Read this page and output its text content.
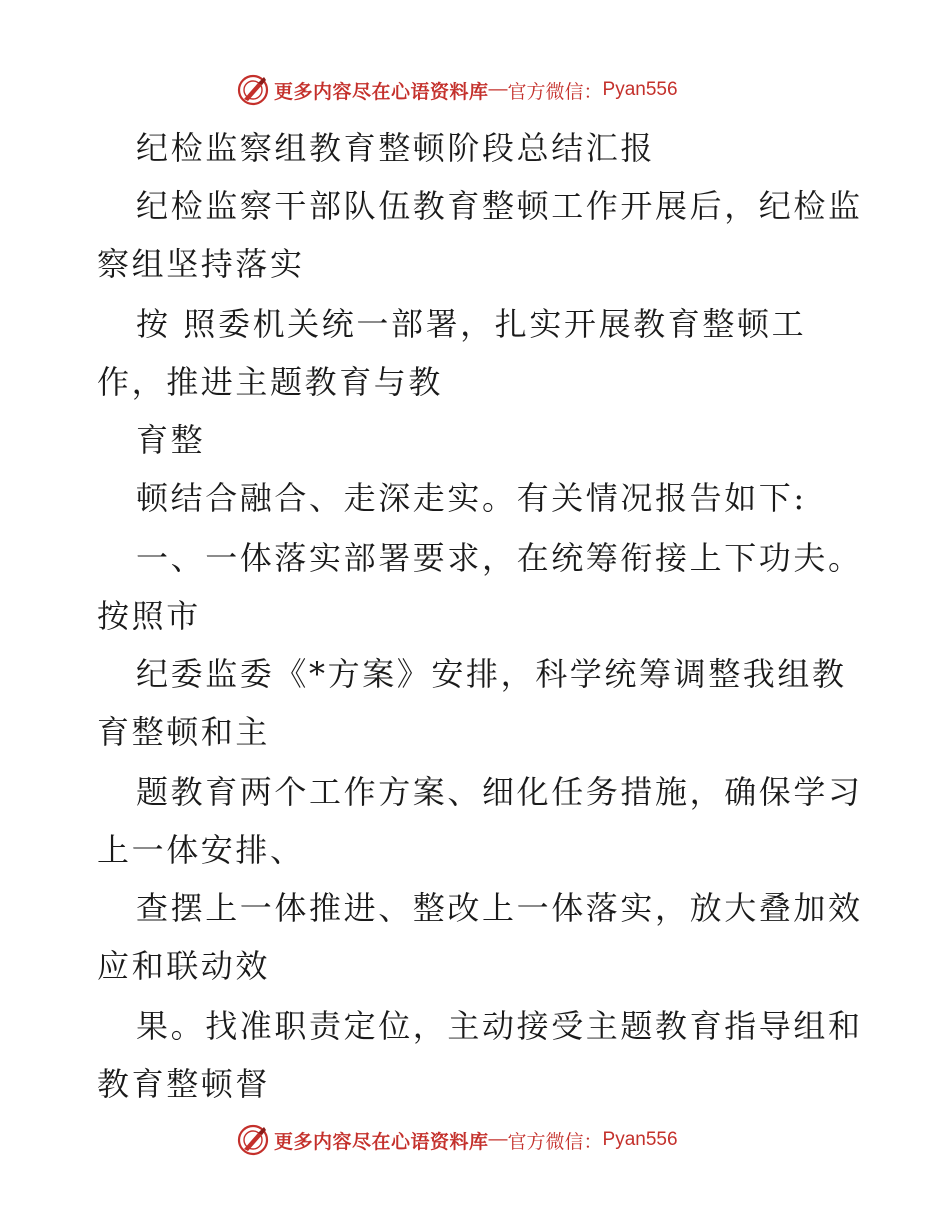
更多内容尽在心语资料库 — 官方微信： Pyan556
纪检监察组教育整顿阶段总结汇报
纪检监察干部队伍教育整顿工作开展后，纪检监
察组坚持落实
按 照委机关统一部署，扎实开展教育整顿工
作，推进主题教育与教
育整
顿结合融合、走深走实。有关情况报告如下:
一、一体落实部署要求，在统筹衔接上下功夫。
按照市
纪委监委《*方案》安排，科学统筹调整我组教
育整顿和主
题教育两个工作方案、细化任务措施，确保学习
上一体安排、
查摆上一体推进、整改上一体落实，放大叠加效
应和联动效
果。找准职责定位，主动接受主题教育指导组和
教育整顿督
更多内容尽在心语资料库 — 官方微信： Pyan556
